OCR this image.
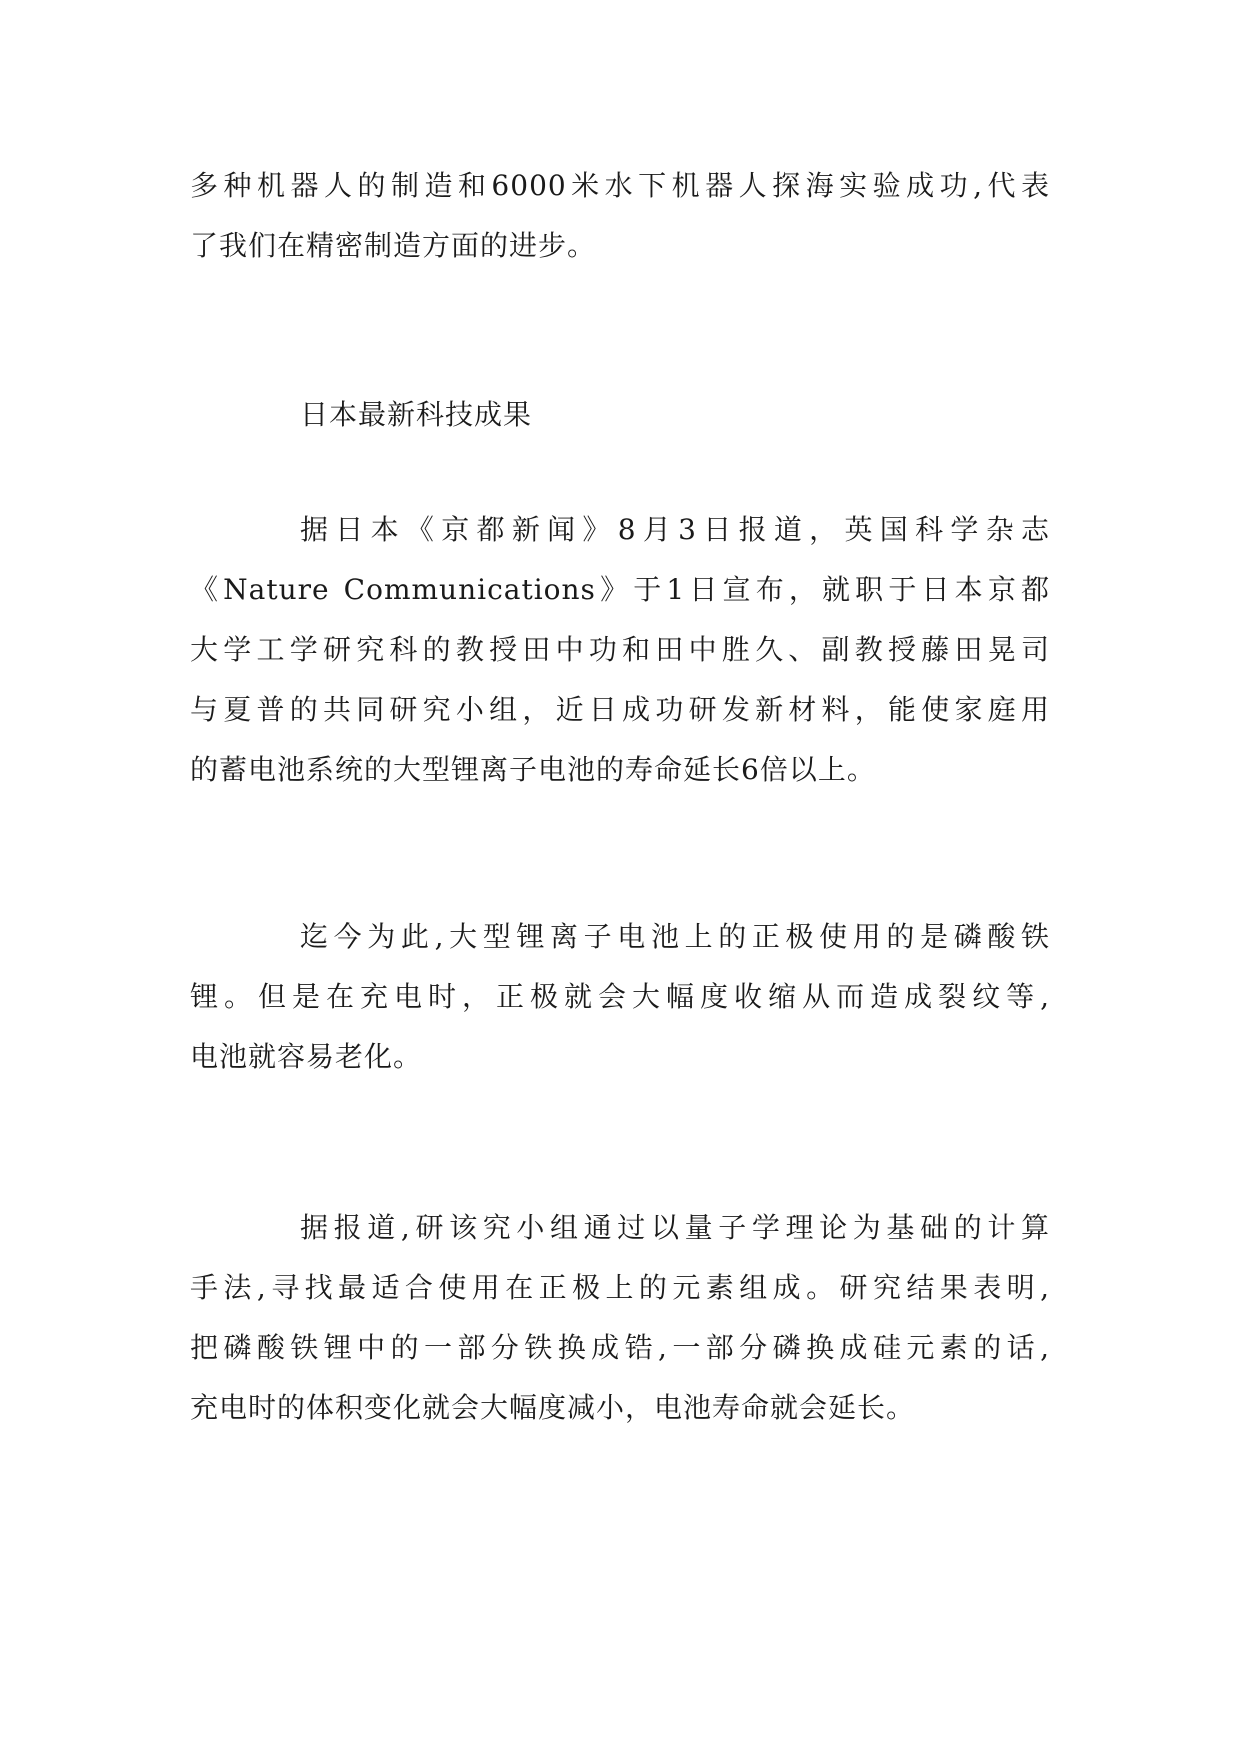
多种机器人的制造和6000米水下机器人探海实验成功,代表
了我们在精密制造方面的进步。
日本最新科技成果
据日本《京都新闻》8月3日报道，英国科学杂志
《Nature Communications》于1日宣布，就职于日本京都
大学工学研究科的教授田中功和田中胜久、副教授藤田晃司
与夏普的共同研究小组，近日成功研发新材料，能使家庭用
的蓄电池系统的大型锂离子电池的寿命延长6倍以上。
迄今为此,大型锂离子电池上的正极使用的是磷酸铁
锂。但是在充电时，正极就会大幅度收缩从而造成裂纹等,
电池就容易老化。
据报道,研该究小组通过以量子学理论为基础的计算
手法,寻找最适合使用在正极上的元素组成。研究结果表明,
把磷酸铁锂中的一部分铁换成锆,一部分磷换成硅元素的话,
充电时的体积变化就会大幅度减小，电池寿命就会延长。
